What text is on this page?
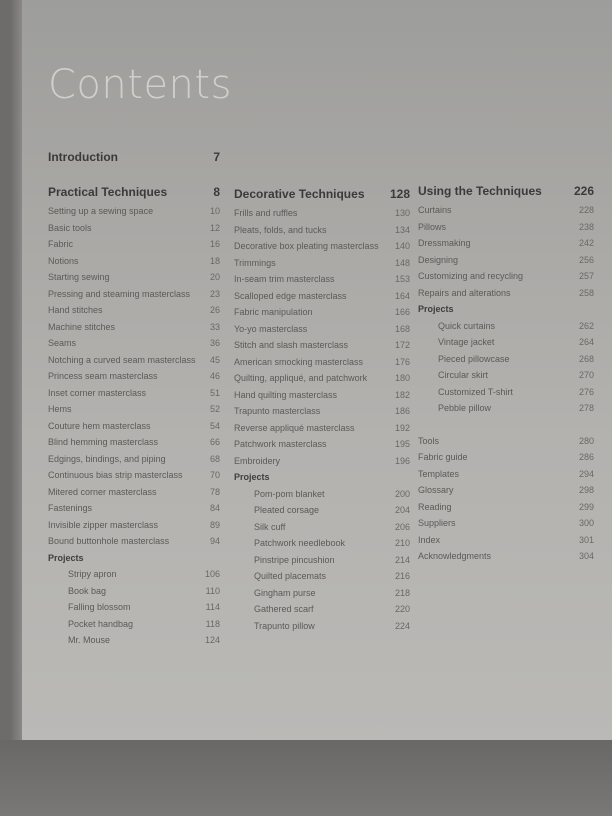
Contents
Introduction	7
Practical Techniques	8
Setting up a sewing space	10
Basic tools	12
Fabric	16
Notions	18
Starting sewing	20
Pressing and steaming masterclass 23
Hand stitches	26
Machine stitches	33
Seams	36
Notching a curved seam masterclass 45
Princess seam masterclass	46
Inset corner masterclass	51
Hems	52
Couture hem masterclass	54
Blind hemming masterclass	66
Edgings, bindings, and piping	68
Continuous bias strip masterclass	70
Mitered corner masterclass	78
Fastenings	84
Invisible zipper masterclass	89
Bound buttonhole masterclass	94
Projects
Stripy apron	106
Book bag	110
Falling blossom	114
Pocket handbag	118
Mr. Mouse	124
Decorative Techniques 128
Frills and ruffles	130
Pleats, folds, and tucks	134
Decorative box pleating masterclass 140
Trimmings	148
In-seam trim masterclass	153
Scalloped edge masterclass	164
Fabric manipulation	166
Yo-yo masterclass	168
Stitch and slash masterclass	172
American smocking masterclass	176
Quilting, appliqué, and patchwork	180
Hand quilting masterclass	182
Trapunto masterclass	186
Reverse appliqué masterclass	192
Patchwork masterclass	195
Embroidery	196
Projects
Pom-pom blanket	200
Pleated corsage	204
Silk cuff	206
Patchwork needlebook	210
Pinstripe pincushion	214
Quilted placemats	216
Gingham purse	218
Gathered scarf	220
Trapunto pillow	224
Using the Techniques	226
Curtains	228
Pillows	238
Dressmaking	242
Designing	256
Customizing and recycling	257
Repairs and alterations	258
Projects
Quick curtains	262
Vintage jacket	264
Pieced pillowcase	268
Circular skirt	270
Customized T-shirt	276
Pebble pillow	278
Tools	280
Fabric guide	286
Templates	294
Glossary	298
Reading	299
Suppliers	300
Index	301
Acknowledgments	304
